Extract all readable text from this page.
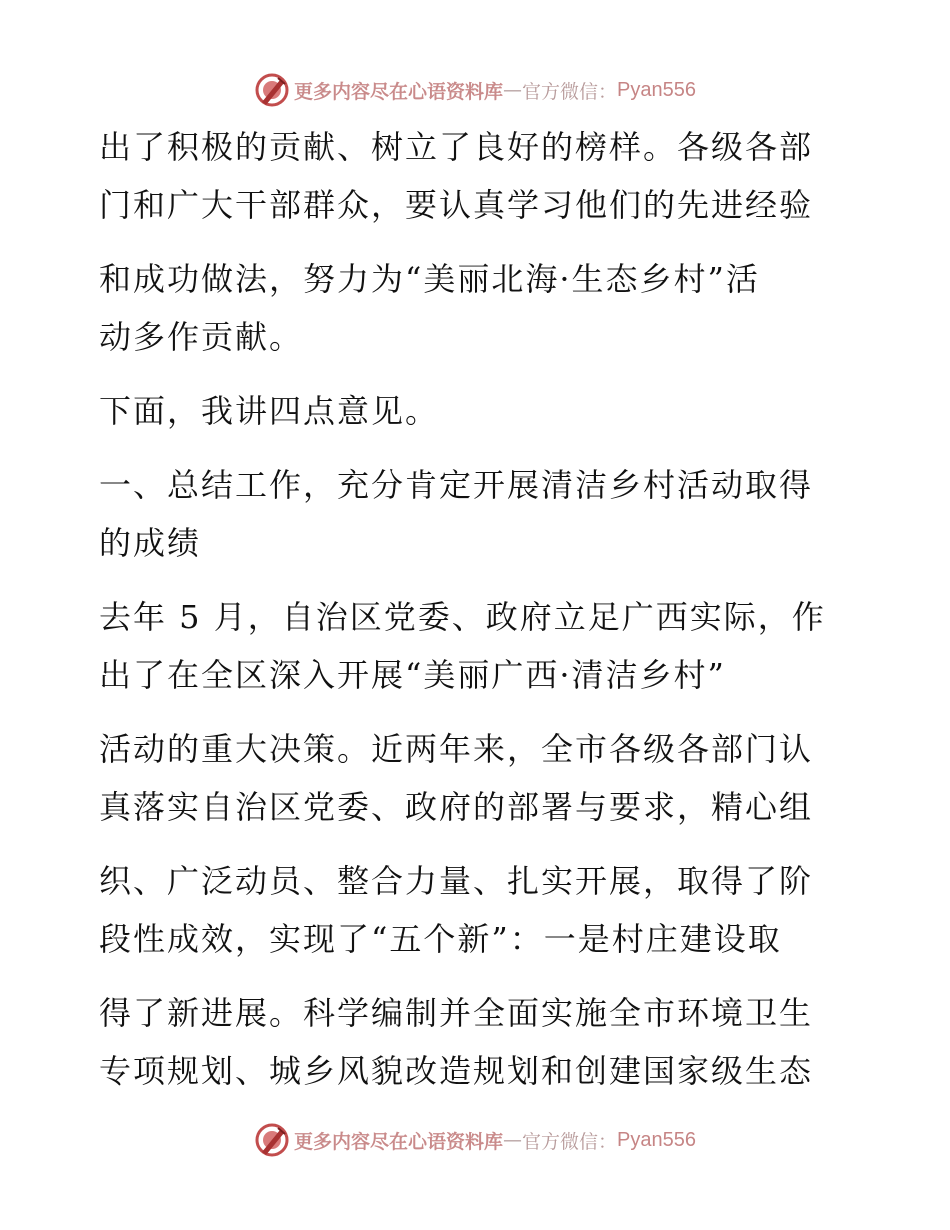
更多内容尽在心语资料库 — 官方微信： Pyan556
出了积极的贡献、树立了良好的榜样。各级各部
门和广大干部群众，要认真学习他们的先进经验
和成功做法，努力为“美丽北海·生态乡村”活
动多作贡献。
下面，我讲四点意见。
一、总结工作，充分肯定开展清洁乡村活动取得
的成绩
去年 5 月，自治区党委、政府立足广西实际，作
出了在全区深入开展“美丽广西·清洁乡村”
活动的重大决策。近两年来，全市各级各部门认
真落实自治区党委、政府的部署与要求，精心组
织、广泛动员、整合力量、扎实开展，取得了阶
段性成效，实现了“五个新”：一是村庄建设取
得了新进展。科学编制并全面实施全市环境卫生
专项规划、城乡风貌改造规划和创建国家级生态
更多内容尽在心语资料库 — 官方微信： Pyan556
